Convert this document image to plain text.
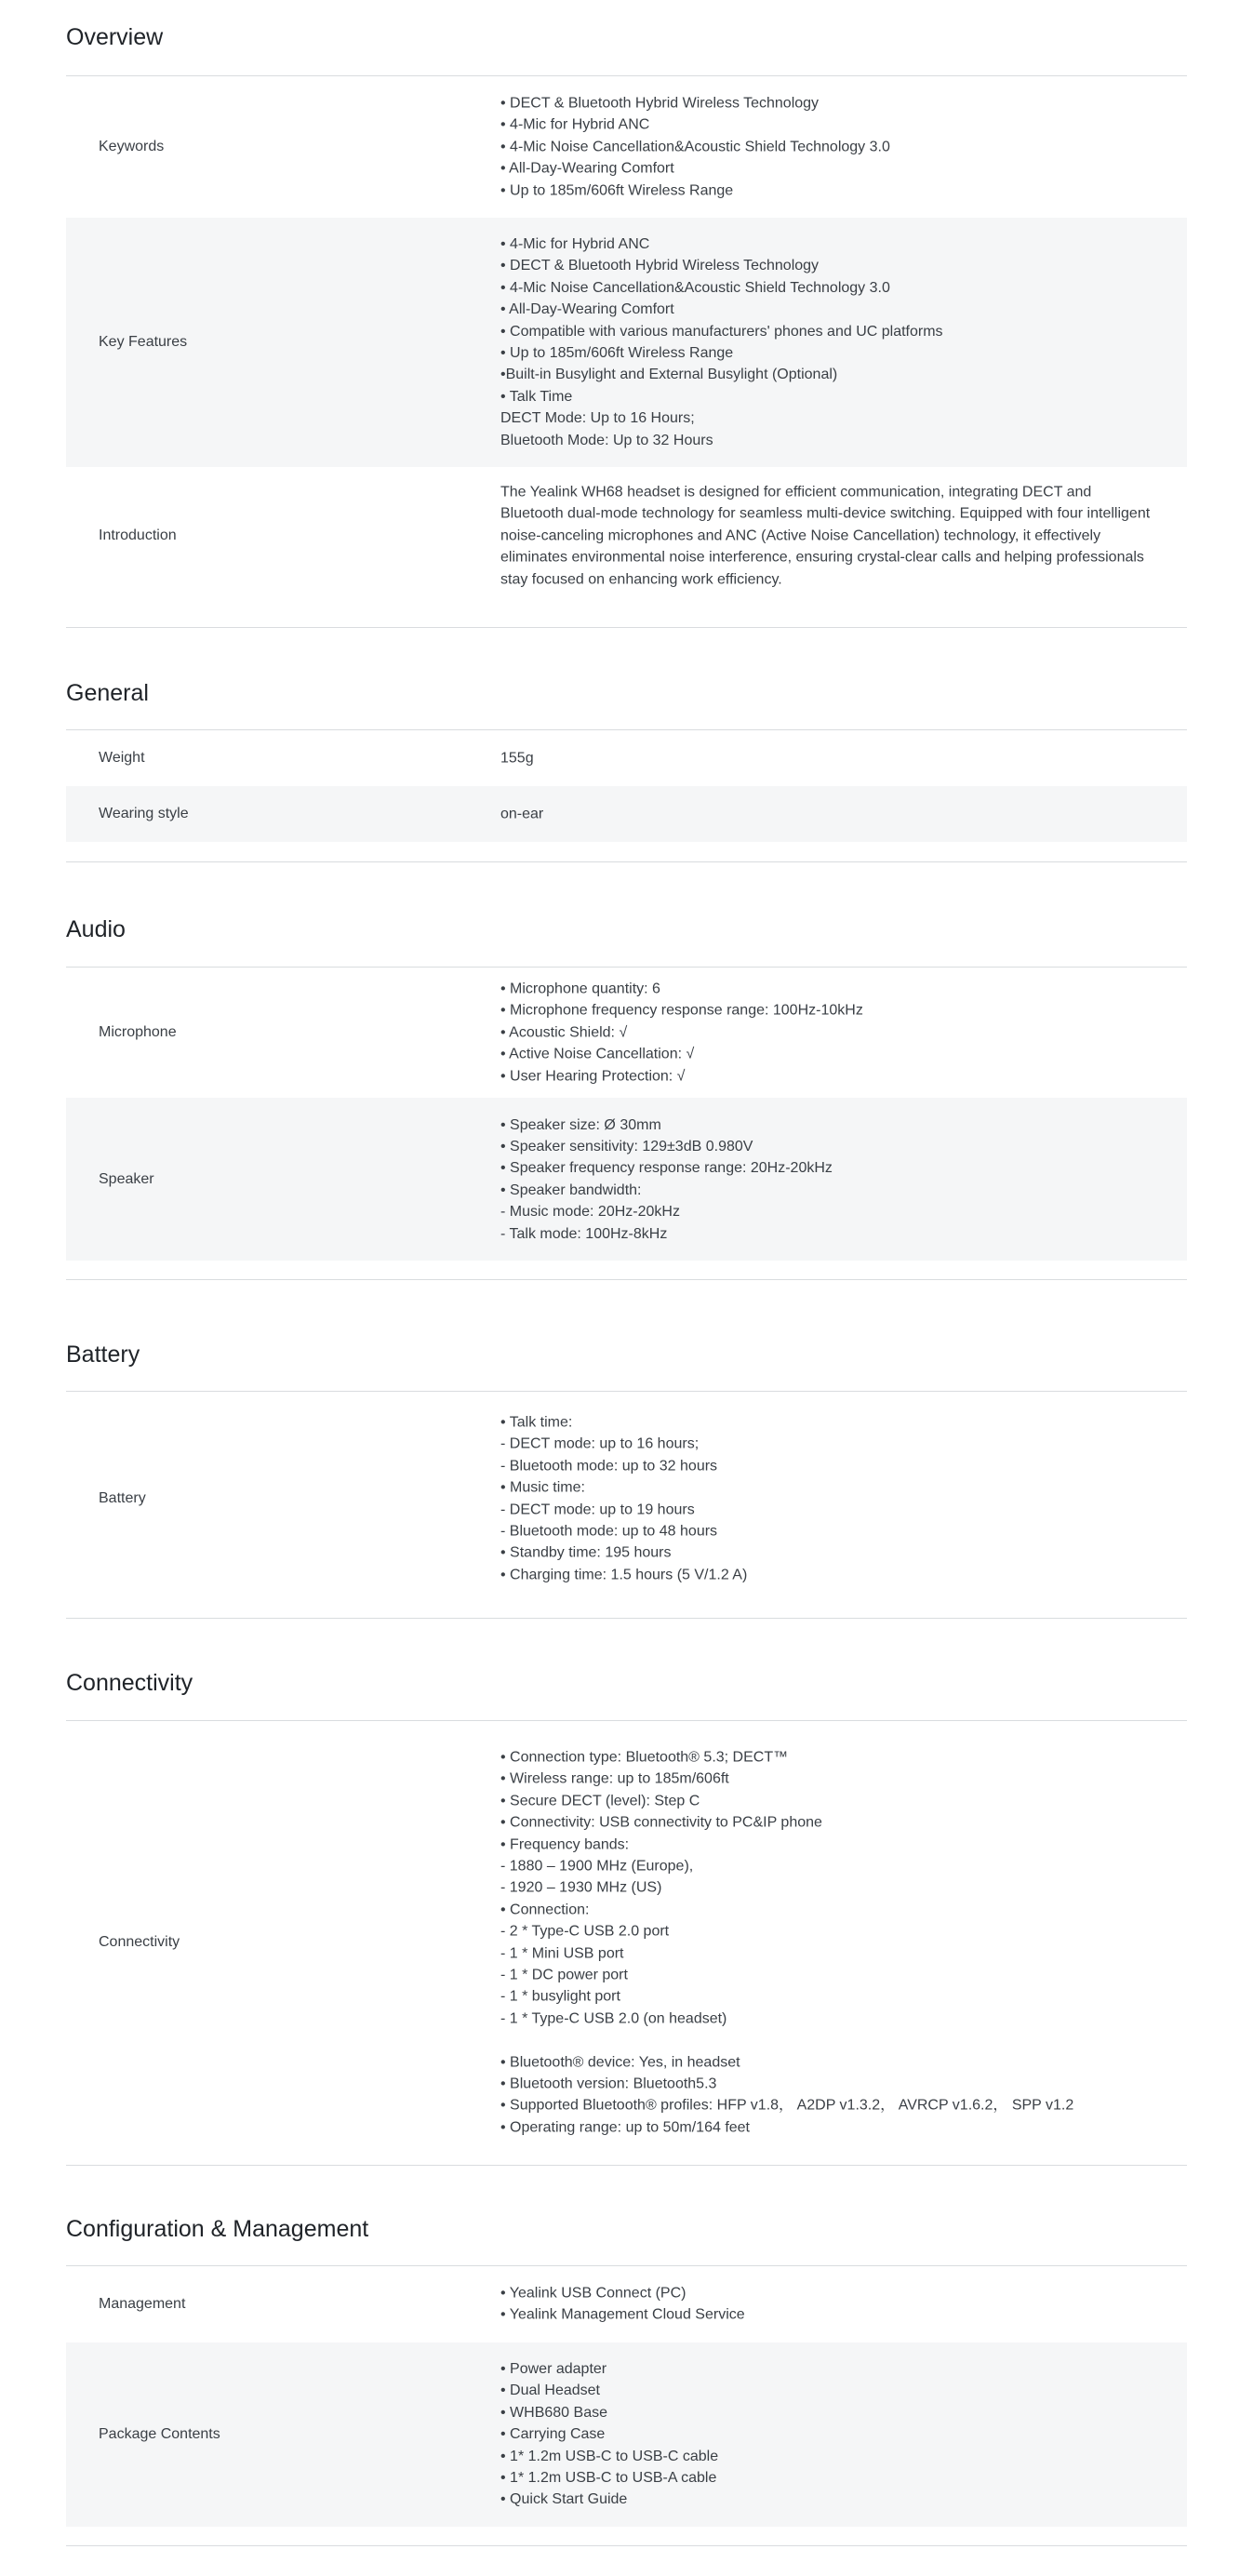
Overview
Keywords
• DECT & Bluetooth Hybrid Wireless Technology
• 4-Mic for Hybrid ANC
• 4-Mic Noise Cancellation&Acoustic Shield Technology 3.0
• All-Day-Wearing Comfort
• Up to 185m/606ft Wireless Range
Key Features
• 4-Mic for Hybrid ANC
• DECT & Bluetooth Hybrid Wireless Technology
• 4-Mic Noise Cancellation&Acoustic Shield Technology 3.0
• All-Day-Wearing Comfort
• Compatible with various manufacturers' phones and UC platforms
• Up to 185m/606ft Wireless Range
•Built-in Busylight and External Busylight (Optional)
• Talk Time
DECT Mode: Up to 16 Hours;
Bluetooth Mode: Up to 32 Hours
Introduction

The Yealink WH68 headset is designed for efficient communication, integrating DECT and Bluetooth dual-mode technology for seamless multi-device switching. Equipped with four intelligent noise-canceling microphones and ANC (Active Noise Cancellation) technology, it effectively eliminates environmental noise interference, ensuring crystal-clear calls and helping professionals stay focused on enhancing work efficiency.

General
Weight	155g
Wearing style	on-ear
Audio
Microphone
• Microphone quantity: 6
• Microphone frequency response range: 100Hz-10kHz
• Acoustic Shield: √
• Active Noise Cancellation: √
• User Hearing Protection: √
Speaker
• Speaker size: Ø 30mm
• Speaker sensitivity: 129±3dB 0.980V
• Speaker frequency response range: 20Hz-20kHz
• Speaker bandwidth:
- Music mode: 20Hz-20kHz
- Talk mode: 100Hz-8kHz
Battery
Battery
• Talk time:
- DECT mode: up to 16 hours;
- Bluetooth mode: up to 32 hours
• Music time:
- DECT mode: up to 19 hours
- Bluetooth mode: up to 48 hours
• Standby time: 195 hours
• Charging time: 1.5 hours (5 V/1.2 A)
Connectivity
Connectivity
• Connection type: Bluetooth® 5.3; DECT™
• Wireless range: up to 185m/606ft
• Secure DECT (level): Step C
• Connectivity: USB connectivity to PC&IP phone
• Frequency bands:
- 1880 – 1900 MHz (Europe),
- 1920 – 1930 MHz (US)
• Connection:
- 2 * Type-C USB 2.0 port
- 1 * Mini USB port
- 1 * DC power port
- 1 * busylight port
- 1 * Type-C USB 2.0 (on headset)
• Bluetooth® device: Yes, in headset
• Bluetooth version: Bluetooth5.3
• Supported Bluetooth® profiles: HFP v1.8， A2DP v1.3.2， AVRCP v1.6.2， SPP v1.2
• Operating range: up to 50m/164 feet
Configuration & Management
Management
• Yealink USB Connect (PC)
• Yealink Management Cloud Service
Package Contents
• Power adapter
• Dual Headset
• WHB680 Base
• Carrying Case
• 1* 1.2m USB-C to USB-C cable
• 1* 1.2m USB-C to USB-A cable
• Quick Start Guide
